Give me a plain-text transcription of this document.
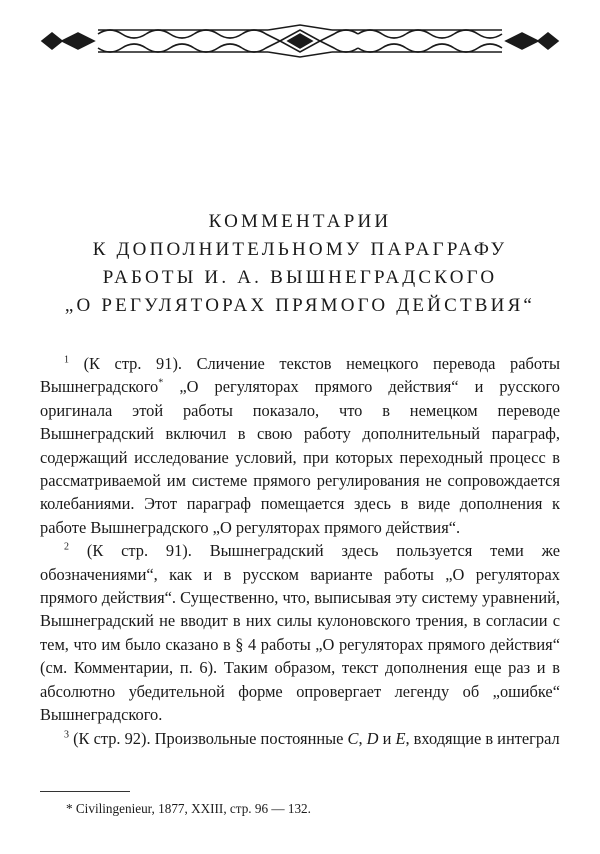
КОММЕНТАРИИ
К ДОПОЛНИТЕЛЬНОМУ ПАРАГРАФУ
РАБОТЫ И. А. ВЫШНЕГРАДСКОГО
„О РЕГУЛЯТОРАХ ПРЯМОГО ДЕЙСТВИЯ“

$^1$ (К стр. 91). Сличение текстов немецкого перевода работы Вышнеградского* „О регуляторах прямого действия“ и русского оригинала этой работы показало, что в немецком переводе Вышнеградский включил в свою работу дополнительный параграф, содержащий исследование условий, при которых переходный процесс в рассматриваемой им системе прямого регулирования не сопровождается колебаниями. Этот параграф помещается здесь в виде дополнения к работе Вышнеградского „О регуляторах прямого действия“.

$^2$ (К стр. 91). Вышнеградский здесь пользуется теми же обозначениями“, как и в русском варианте работы „О регуляторах прямого действия“. Существенно, что, выписывая эту систему уравнений, Вышнеградский не вводит в них силы кулоновского трения, в согласии с тем, что им было сказано в § 4 работы „О регуляторах прямого действия“ (см. Комментарии, п. 6). Таким образом, текст дополнения еще раз и в абсолютно убедительной форме опровергает легенду об „ошибке“ Вышнеградского.

$^3$ (К стр. 92). Произвольные постоянные C, D и E, входящие в интеграл

* Civilingenieur, 1877, XXIII, стр. 96 — 132.
